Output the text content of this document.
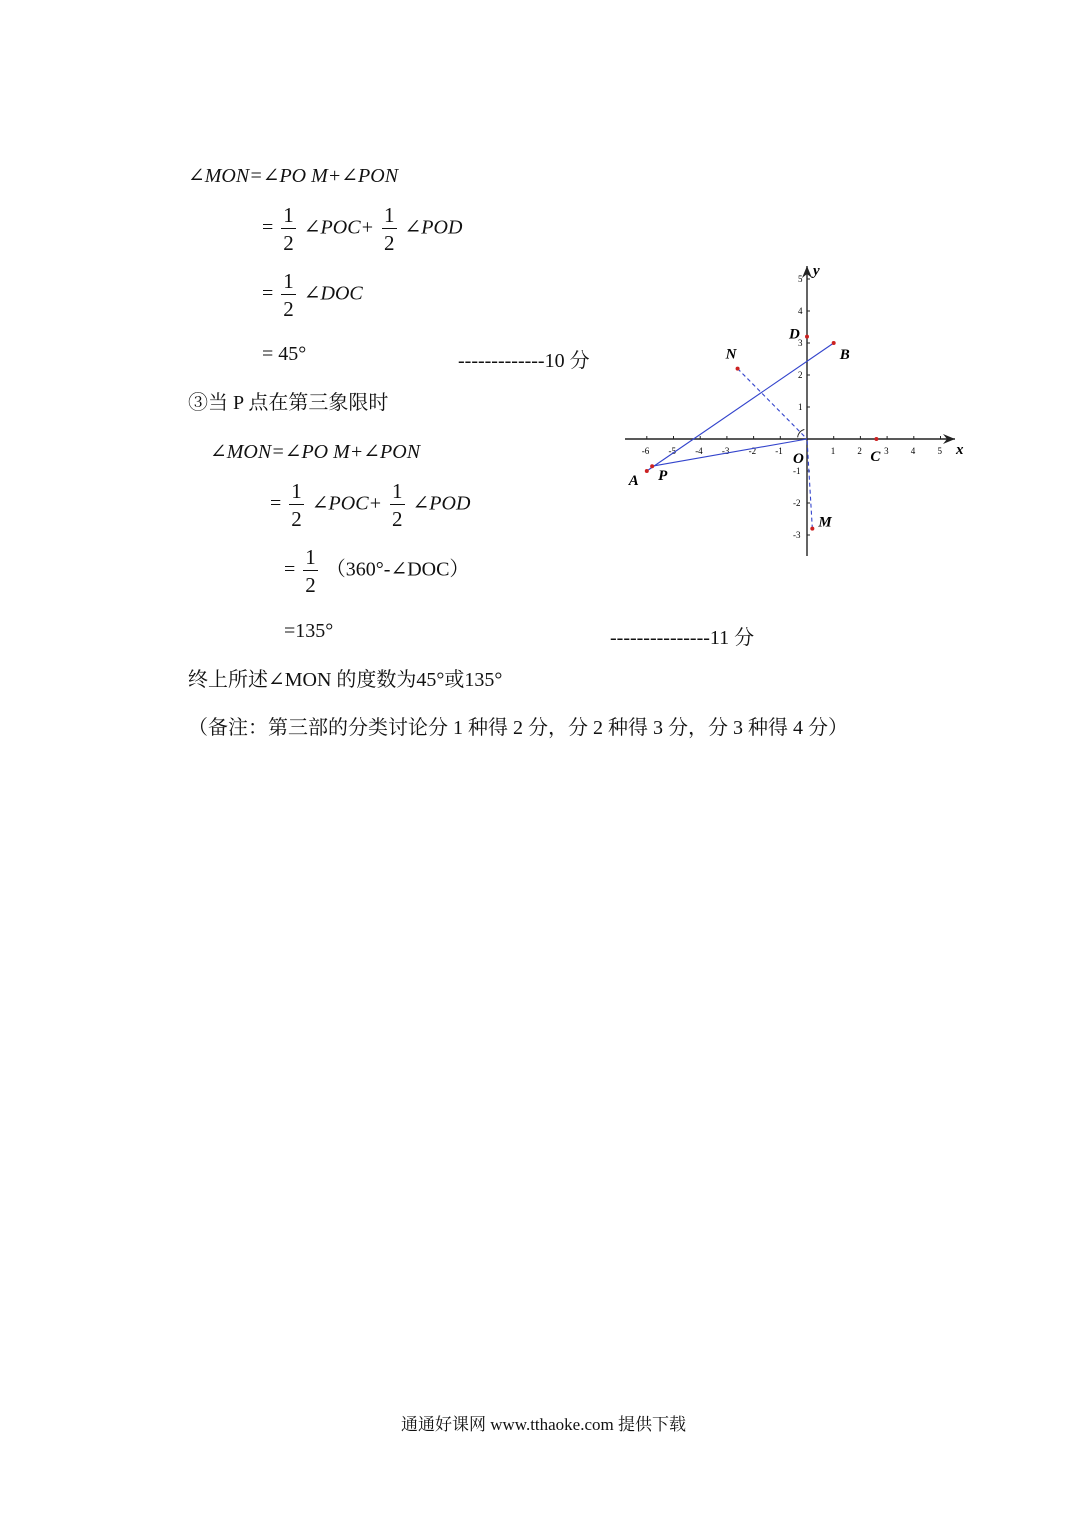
∠MON=∠PO M+∠PON
= $\frac{1}{2}$ ∠POC+ $\frac{1}{2}$ ∠POD
= $\frac{1}{2}$ ∠DOC
= 45°	-------------10 分
③当 P 点在第三象限时
∠MON=∠PO M+∠PON
= $\frac{1}{2}$ ∠POC+ $\frac{1}{2}$ ∠POD
= $\frac{1}{2}$ （360°-∠DOC）
=135°	---------------11 分
终上所述∠MON 的度数为45°或135°
（备注：第三部的分类讨论分 1 种得 2 分，分 2 种得 3 分，分 3 种得 4 分）
x
y
O
-6 -5 -4 -3 -2 -1	1 2 3 4 5
5
4
3
2
1
-1
-2
-3
A P
B
D
N
C
M
通通好课网 www.tthaoke.com 提供下载
